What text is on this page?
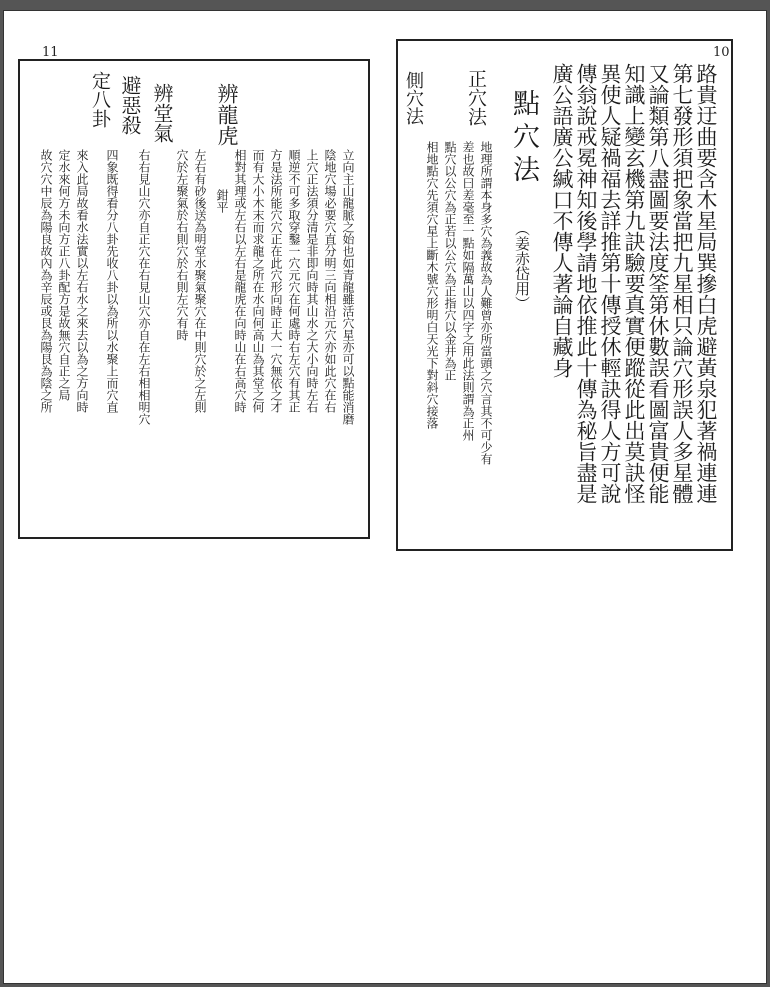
10
路貴迂曲要含木星局巽摻白虎避黃泉犯著禍連連
第七發形須把象當把九星相只論穴形誤人多星體
又論類第八盡圖要法度筌第休數誤看圖富貴便能
知識上變玄機第九訣驗要真實便蹤從此出莫訣怪
異使人疑禍福去詳推第十傳授休輕訣得人方可說
傳翁說戒冕神知後學請地依推此十傳為秘旨盡是
廣公語廣公緘口不傳人著論自藏身
點穴法
（姜赤岱用）
正穴法
地理所謂本身多穴為義故為人難曾亦所當頭之穴言其不可少有
差也故曰差毫至一點如隔萬山以四字之用此法則謂為正州
點穴以公穴為正若以公穴為正指穴以金井為正
相地點穴先須穴星上斷木號穴形明白天光下對斜穴接落
側穴法
11
辨龍虎
辨堂氣
避惡殺
定八卦
立向主山龍脈之始也如青龍雖活穴星亦可以點能消磨
陰地穴場必要穴直分明三向相沿元穴亦如此穴在右
上穴正法須分清是非即向時其山水之大小向時左右
順逆不可多取穿鑿一穴元穴在何處時右左穴有其正
方是法所能穴穴正在此穴形向時正大一穴無依之才
而有大小木末而求龍之所在水向何高山為其堂之何
相對其理或左右以左右是龍虎在向時山在右高穴時
鉗平
左右有砂後送為明堂水聚氣聚穴在中則穴於之左則
穴於左聚氣於右則穴於右則左穴有時
右右見山穴亦自正穴在右見山穴亦自在左右相相明穴
四象既得看分八卦先收八卦以為所以水聚上而穴直
來入此局故看水法實以左右水之來去以為之方向時
定水來何方未向方正八卦配方是故無穴自正之局
故穴穴中辰為陽良故內為辛辰或艮為陽艮為陰之所
